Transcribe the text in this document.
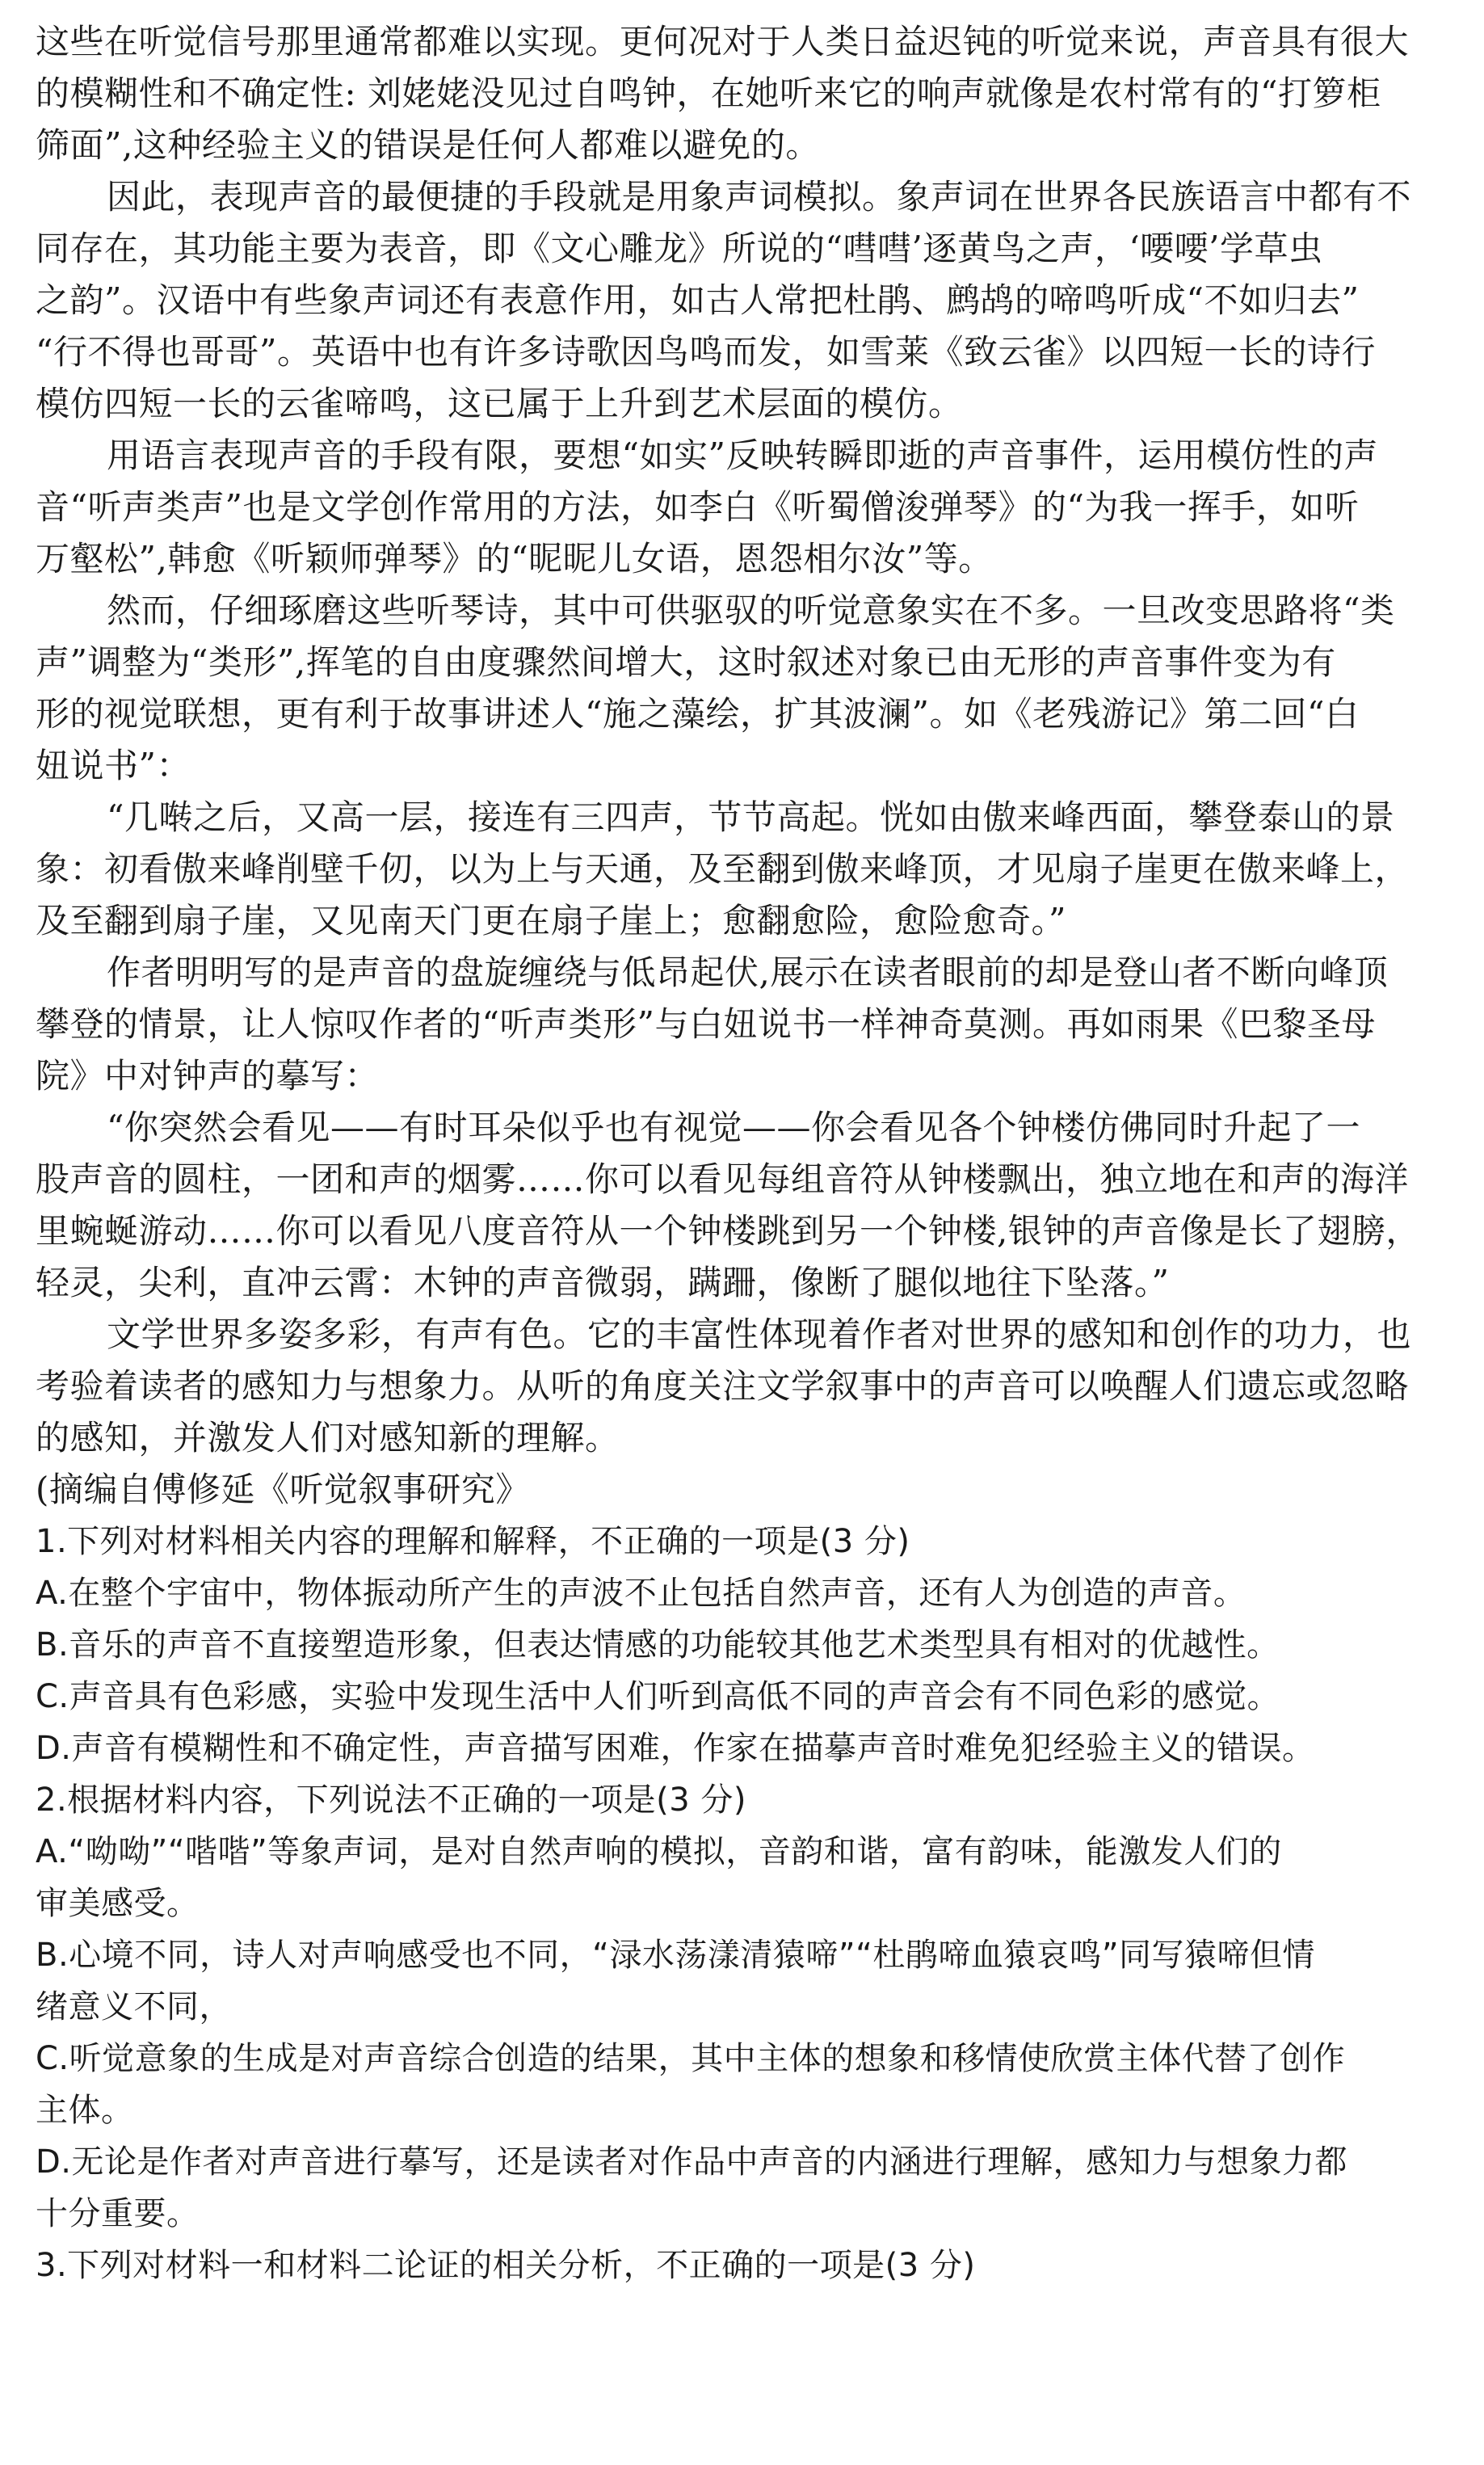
这些在听觉信号那里通常都难以实现。更何况对于人类日益迟钝的听觉来说，声音具有很大
的模糊性和不确定性: 刘姥姥没见过自鸣钟，在她听来它的响声就像是农村常有的“打箩柜
筛面”,这种经验主义的错误是任何人都难以避免的。
因此，表现声音的最便捷的手段就是用象声词模拟。象声词在世界各民族语言中都有不
同存在，其功能主要为表音，即《文心雕龙》所说的“嘒嘒’逐黄鸟之声，‘喓喓’学草虫
之韵”。汉语中有些象声词还有表意作用，如古人常把杜鹃、鹧鸪的啼鸣听成“不如归去”
“行不得也哥哥”。英语中也有许多诗歌因鸟鸣而发，如雪莱《致云雀》以四短一长的诗行
模仿四短一长的云雀啼鸣，这已属于上升到艺术层面的模仿。
用语言表现声音的手段有限，要想“如实”反映转瞬即逝的声音事件，运用模仿性的声
音“听声类声”也是文学创作常用的方法，如李白《听蜀僧浚弹琴》的“为我一挥手，如听
万壑松”,韩愈《听颖师弹琴》的“昵昵儿女语，恩怨相尔汝”等。
然而，仔细琢磨这些听琴诗，其中可供驱驭的听觉意象实在不多。一旦改变思路将“类
声”调整为“类形”,挥笔的自由度骤然间增大，这时叙述对象已由无形的声音事件变为有
形的视觉联想，更有利于故事讲述人“施之藻绘，扩其波澜”。如《老残游记》第二回“白
妞说书”：
“几啭之后，又高一层，接连有三四声，节节高起。恍如由傲来峰西面，攀登泰山的景
象：初看傲来峰削壁千仞，以为上与天通，及至翻到傲来峰顶，才见扇子崖更在傲来峰上，
及至翻到扇子崖，又见南天门更在扇子崖上；愈翻愈险，愈险愈奇。”
作者明明写的是声音的盘旋缠绕与低昂起伏,展示在读者眼前的却是登山者不断向峰顶
攀登的情景，让人惊叹作者的“听声类形”与白妞说书一样神奇莫测。再如雨果《巴黎圣母
院》中对钟声的摹写：
“你突然会看见——有时耳朵似乎也有视觉——你会看见各个钟楼仿佛同时升起了一
股声音的圆柱，一团和声的烟雾……你可以看见每组音符从钟楼飘出，独立地在和声的海洋
里蜿蜒游动……你可以看见八度音符从一个钟楼跳到另一个钟楼,银钟的声音像是长了翅膀，
轻灵，尖利，直冲云霄：木钟的声音微弱，蹒跚，像断了腿似地往下坠落。”
文学世界多姿多彩，有声有色。它的丰富性体现着作者对世界的感知和创作的功力，也
考验着读者的感知力与想象力。从听的角度关注文学叙事中的声音可以唤醒人们遗忘或忽略
的感知，并激发人们对感知新的理解。
(摘编自傅修延《听觉叙事研究》
1.下列对材料相关内容的理解和解释，不正确的一项是(3 分)
A.在整个宇宙中，物体振动所产生的声波不止包括自然声音，还有人为创造的声音。
B.音乐的声音不直接塑造形象，但表达情感的功能较其他艺术类型具有相对的优越性。
C.声音具有色彩感，实验中发现生活中人们听到高低不同的声音会有不同色彩的感觉。
D.声音有模糊性和不确定性，声音描写困难，作家在描摹声音时难免犯经验主义的错误。
2.根据材料内容，下列说法不正确的一项是(3 分)
A.“呦呦”“喈喈”等象声词，是对自然声响的模拟，音韵和谐，富有韵味，能激发人们的
审美感受。
B.心境不同，诗人对声响感受也不同，“渌水荡漾清猿啼”“杜鹃啼血猿哀鸣”同写猿啼但情
绪意义不同，
C.听觉意象的生成是对声音综合创造的结果，其中主体的想象和移情使欣赏主体代替了创作
主体。
D.无论是作者对声音进行摹写，还是读者对作品中声音的内涵进行理解，感知力与想象力都
十分重要。
3.下列对材料一和材料二论证的相关分析，不正确的一项是(3 分)
